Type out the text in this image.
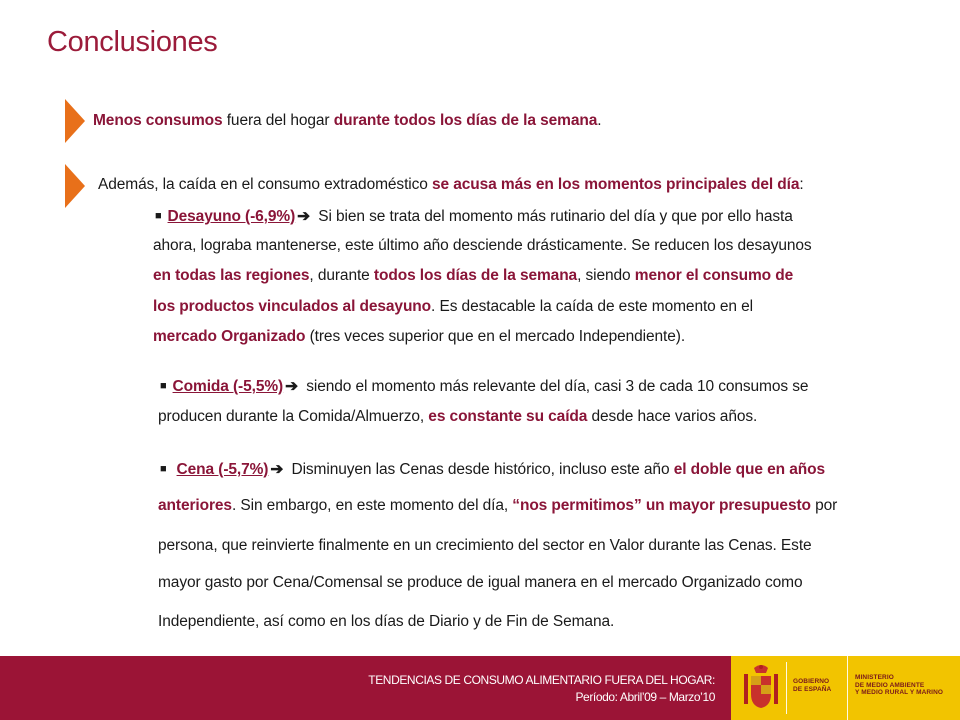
Conclusiones
Menos consumos fuera del hogar durante todos los días de la semana.
Además, la caída en el consumo extradoméstico se acusa más en los momentos principales del día:
■ Desayuno (-6,9%) ➔ Si bien se trata del momento más rutinario del día y que por ello hasta
ahora, lograba mantenerse, este último año desciende drásticamente. Se reducen los desayunos
en todas las regiones, durante todos los días de la semana, siendo menor el consumo de
los productos vinculados al desayuno. Es destacable la caída de este momento en el
mercado Organizado (tres veces superior que en el mercado Independiente).
■ Comida (-5,5%) ➔ siendo el momento más relevante del día, casi 3 de cada 10 consumos se
producen durante la Comida/Almuerzo, es constante su caída desde hace varios años.
■ Cena (-5,7%) ➔ Disminuyen las Cenas desde histórico, incluso este año el doble que en años
anteriores. Sin embargo, en este momento del día, “nos permitimos” un mayor presupuesto por
persona, que reinvierte finalmente en un crecimiento del sector en Valor durante las Cenas. Este
mayor gasto por Cena/Comensal se produce de igual manera en el mercado Organizado como
Independiente, así como en los días de Diario y de Fin de Semana.
TENDENCIAS DE CONSUMO ALIMENTARIO FUERA DEL HOGAR:
Período: Abril’09 – Marzo’10
GOBIERNO
DE ESPAÑA
MINISTERIO
DE MEDIO AMBIENTE
Y MEDIO RURAL Y MARINO
